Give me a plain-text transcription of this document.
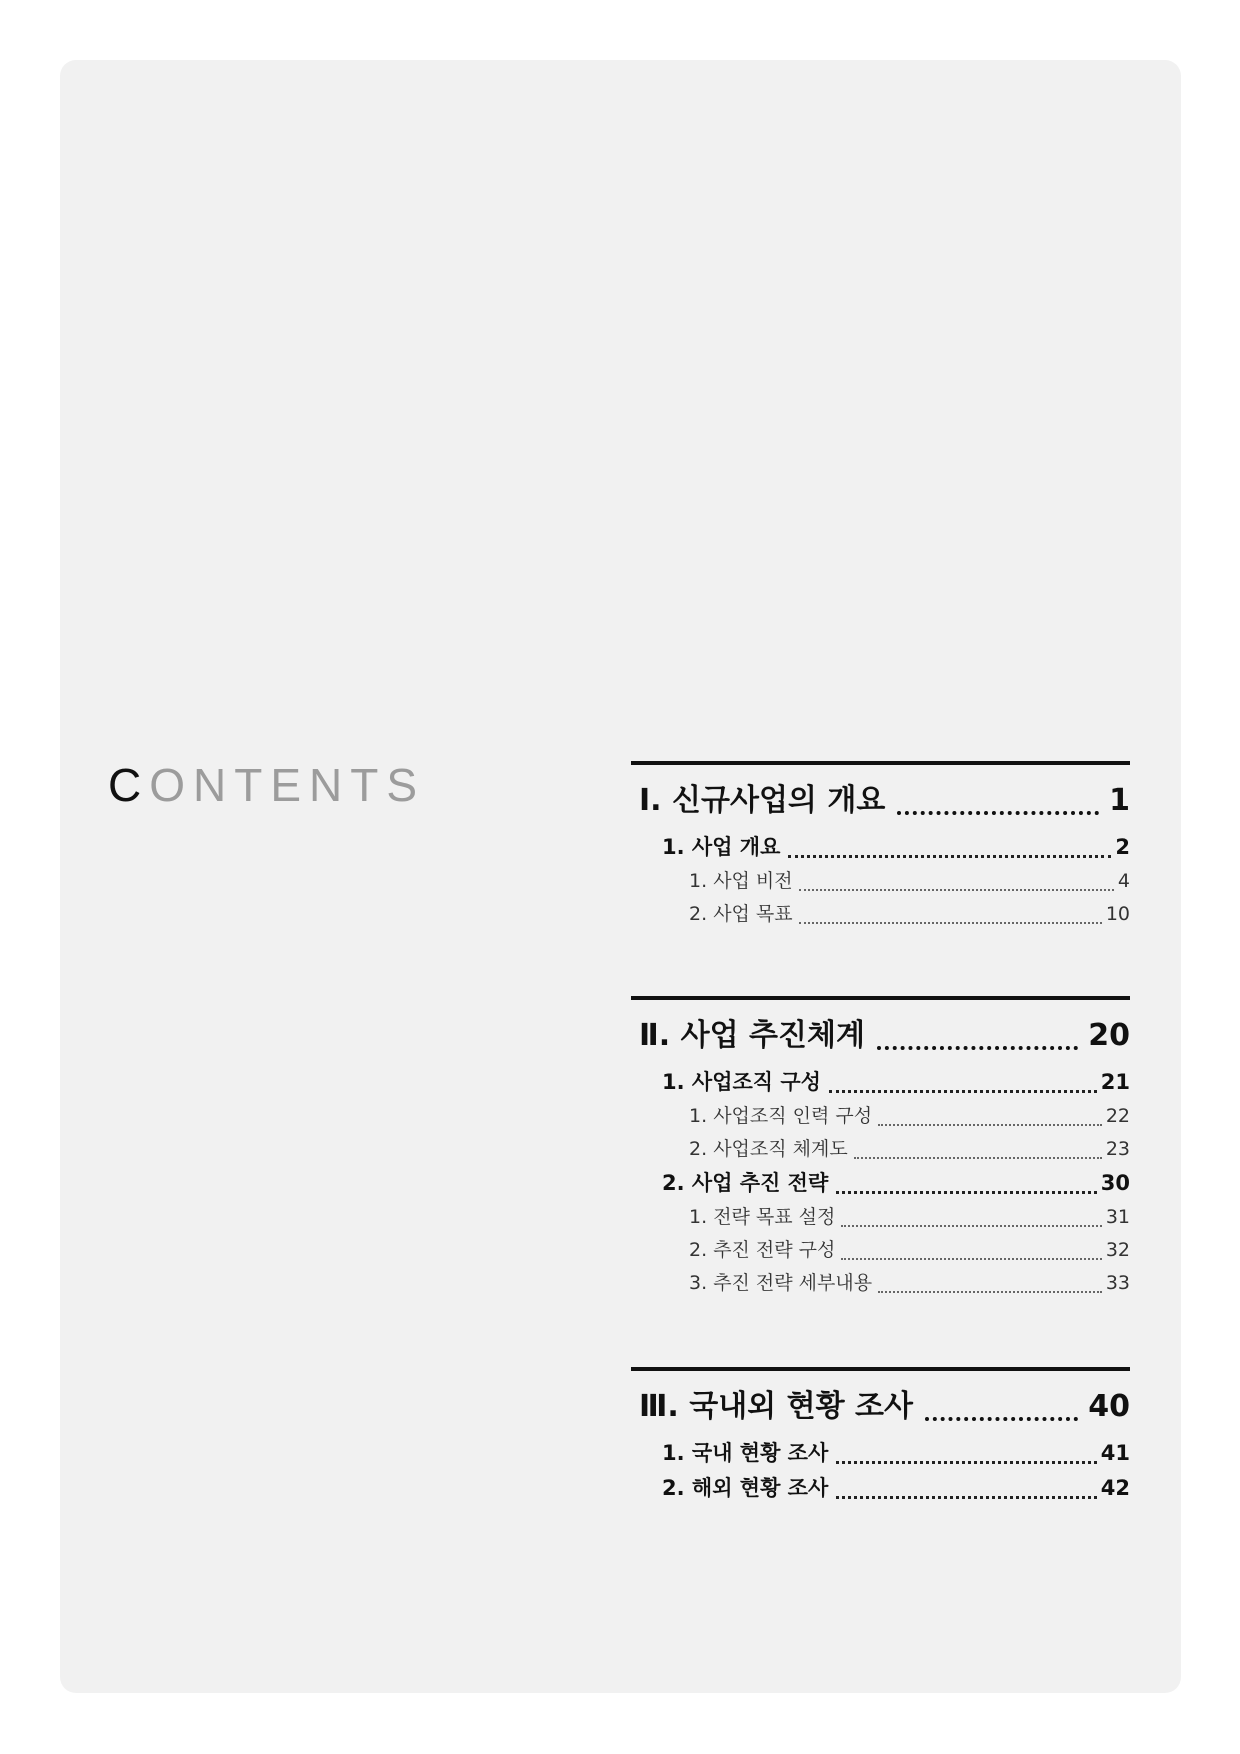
CONTENTS	Ⅰ. 신규사업의 개요	1
1. 사업 개요	2
1. 사업 비전	4
2. 사업 목표	10
Ⅱ. 사업 추진체계	20
1. 사업조직 구성	21
1. 사업조직 인력 구성	22
2. 사업조직 체계도	23
2. 사업 추진 전략	30
1. 전략 목표 설정	31
2. 추진 전략 구성	32
3. 추진 전략 세부내용	33
Ⅲ. 국내외 현황 조사	40
1. 국내 현황 조사	41
2. 해외 현황 조사	42
